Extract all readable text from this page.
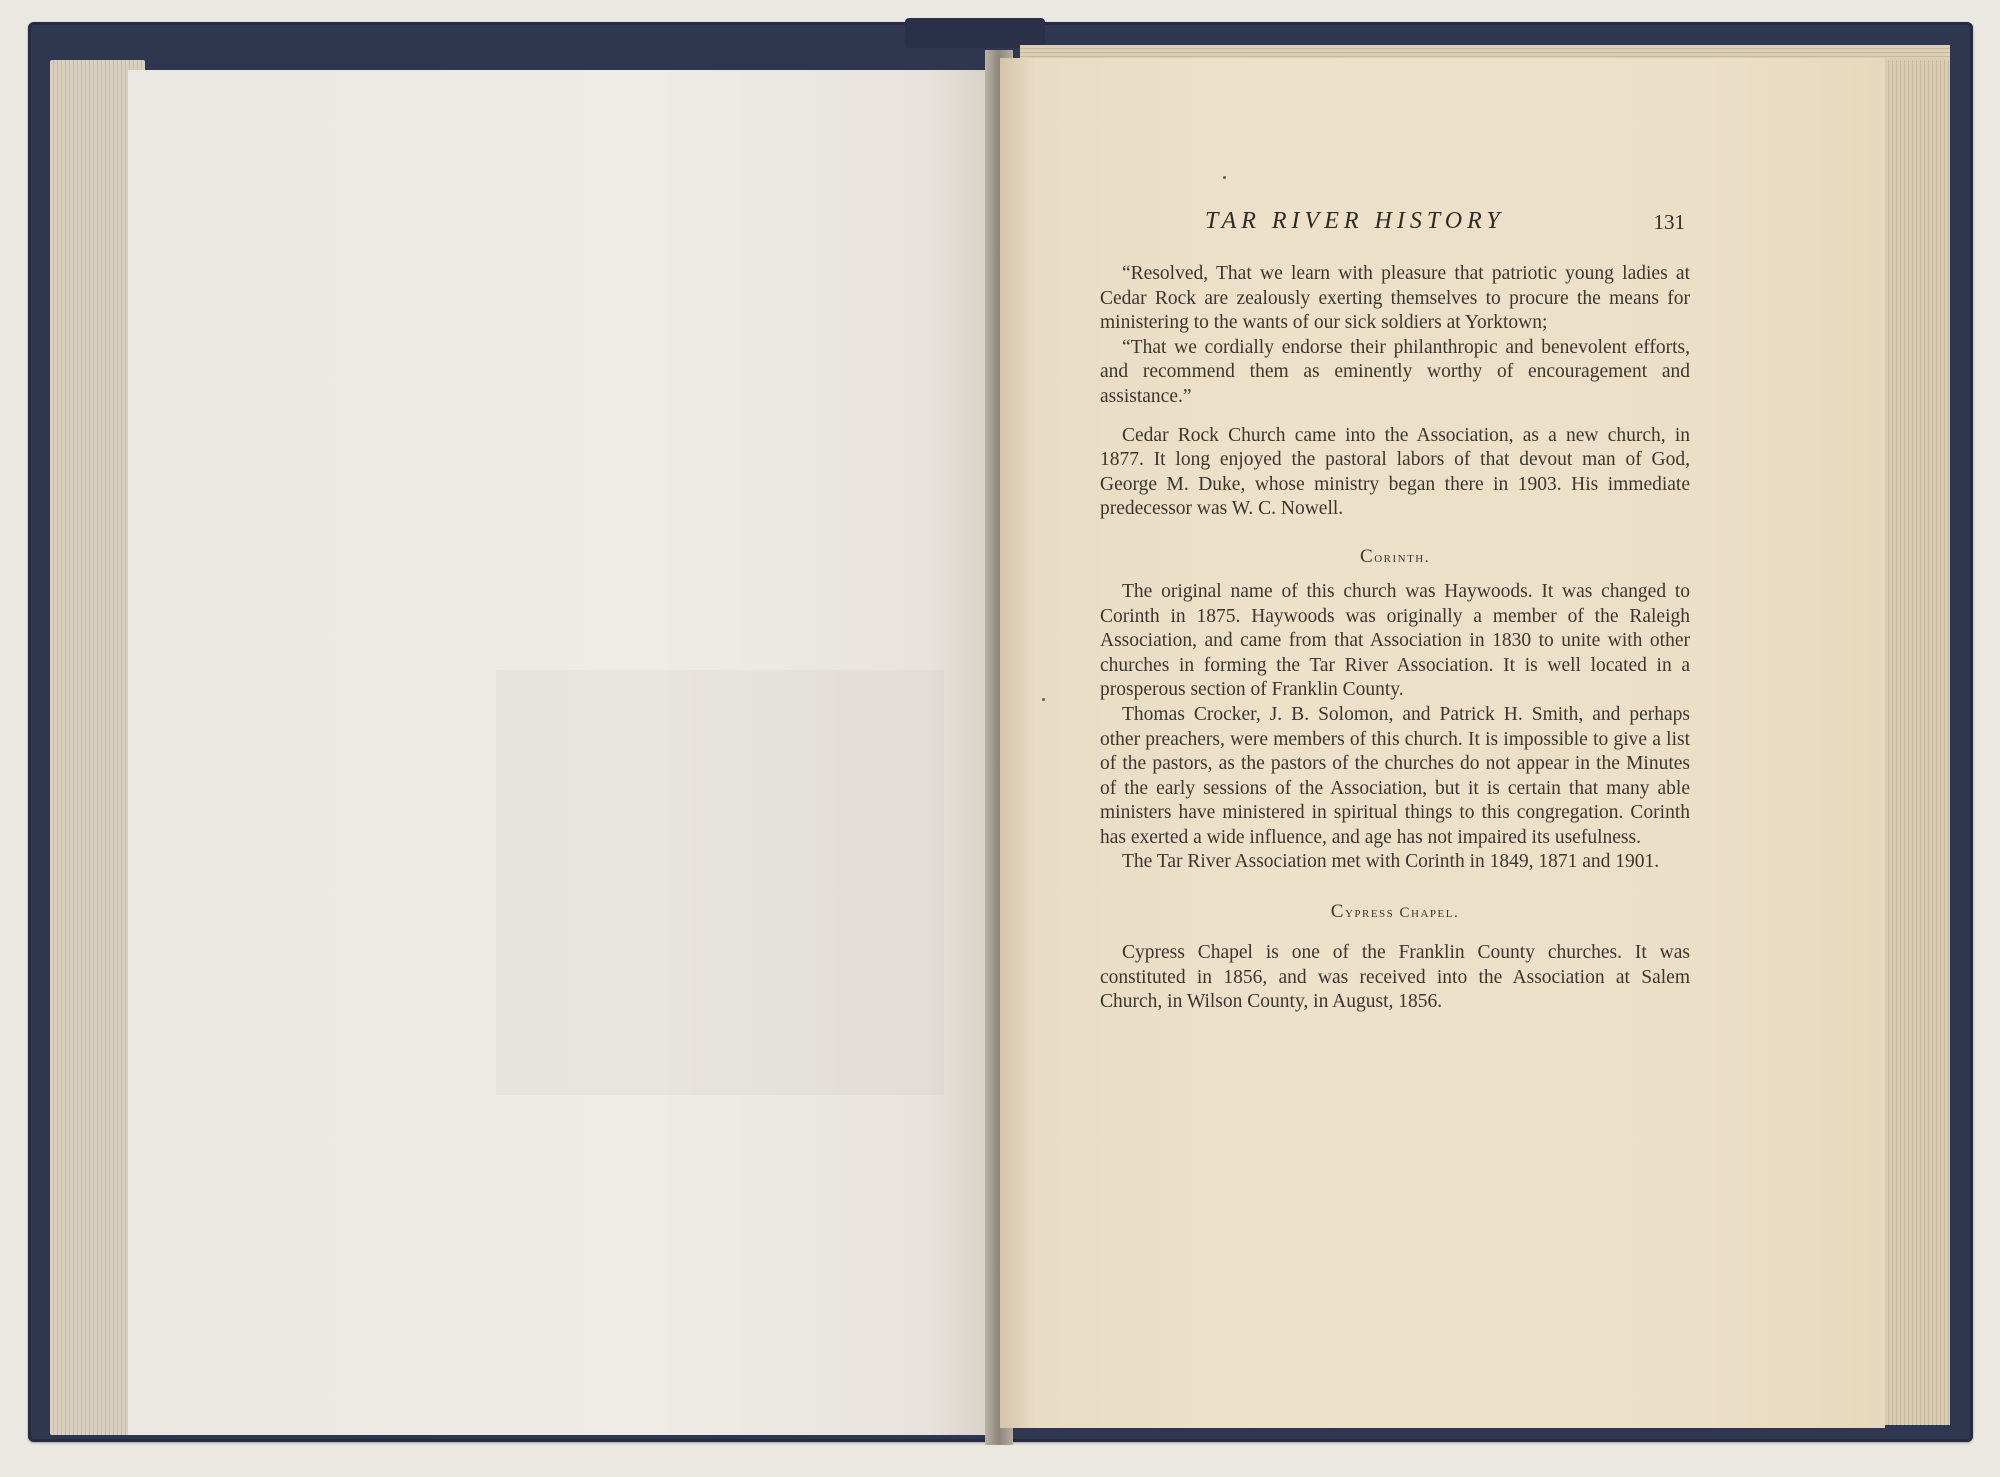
TAR RIVER HISTORY	131

“Resolved, That we learn with pleasure that patriotic young ladies at Cedar Rock are zealously exerting themselves to procure the means for ministering to the wants of our sick soldiers at Yorktown;

“That we cordially endorse their philanthropic and benevolent efforts, and recommend them as eminently worthy of encouragement and assistance.”

Cedar Rock Church came into the Association, as a new church, in 1877. It long enjoyed the pastoral labors of that devout man of God, George M. Duke, whose ministry began there in 1903. His immediate predecessor was W. C. Nowell.

Corinth.

The original name of this church was Haywoods. It was changed to Corinth in 1875. Haywoods was originally a member of the Raleigh Association, and came from that Association in 1830 to unite with other churches in forming the Tar River Association. It is well located in a prosperous section of Franklin County.

Thomas Crocker, J. B. Solomon, and Patrick H. Smith, and perhaps other preachers, were members of this church. It is impossible to give a list of the pastors, as the pastors of the churches do not appear in the Minutes of the early sessions of the Association, but it is certain that many able ministers have ministered in spiritual things to this congregation. Corinth has exerted a wide influence, and age has not impaired its usefulness.

The Tar River Association met with Corinth in 1849, 1871 and 1901.

Cypress Chapel.

Cypress Chapel is one of the Franklin County churches. It was constituted in 1856, and was received into the Association at Salem Church, in Wilson County, in August, 1856.
